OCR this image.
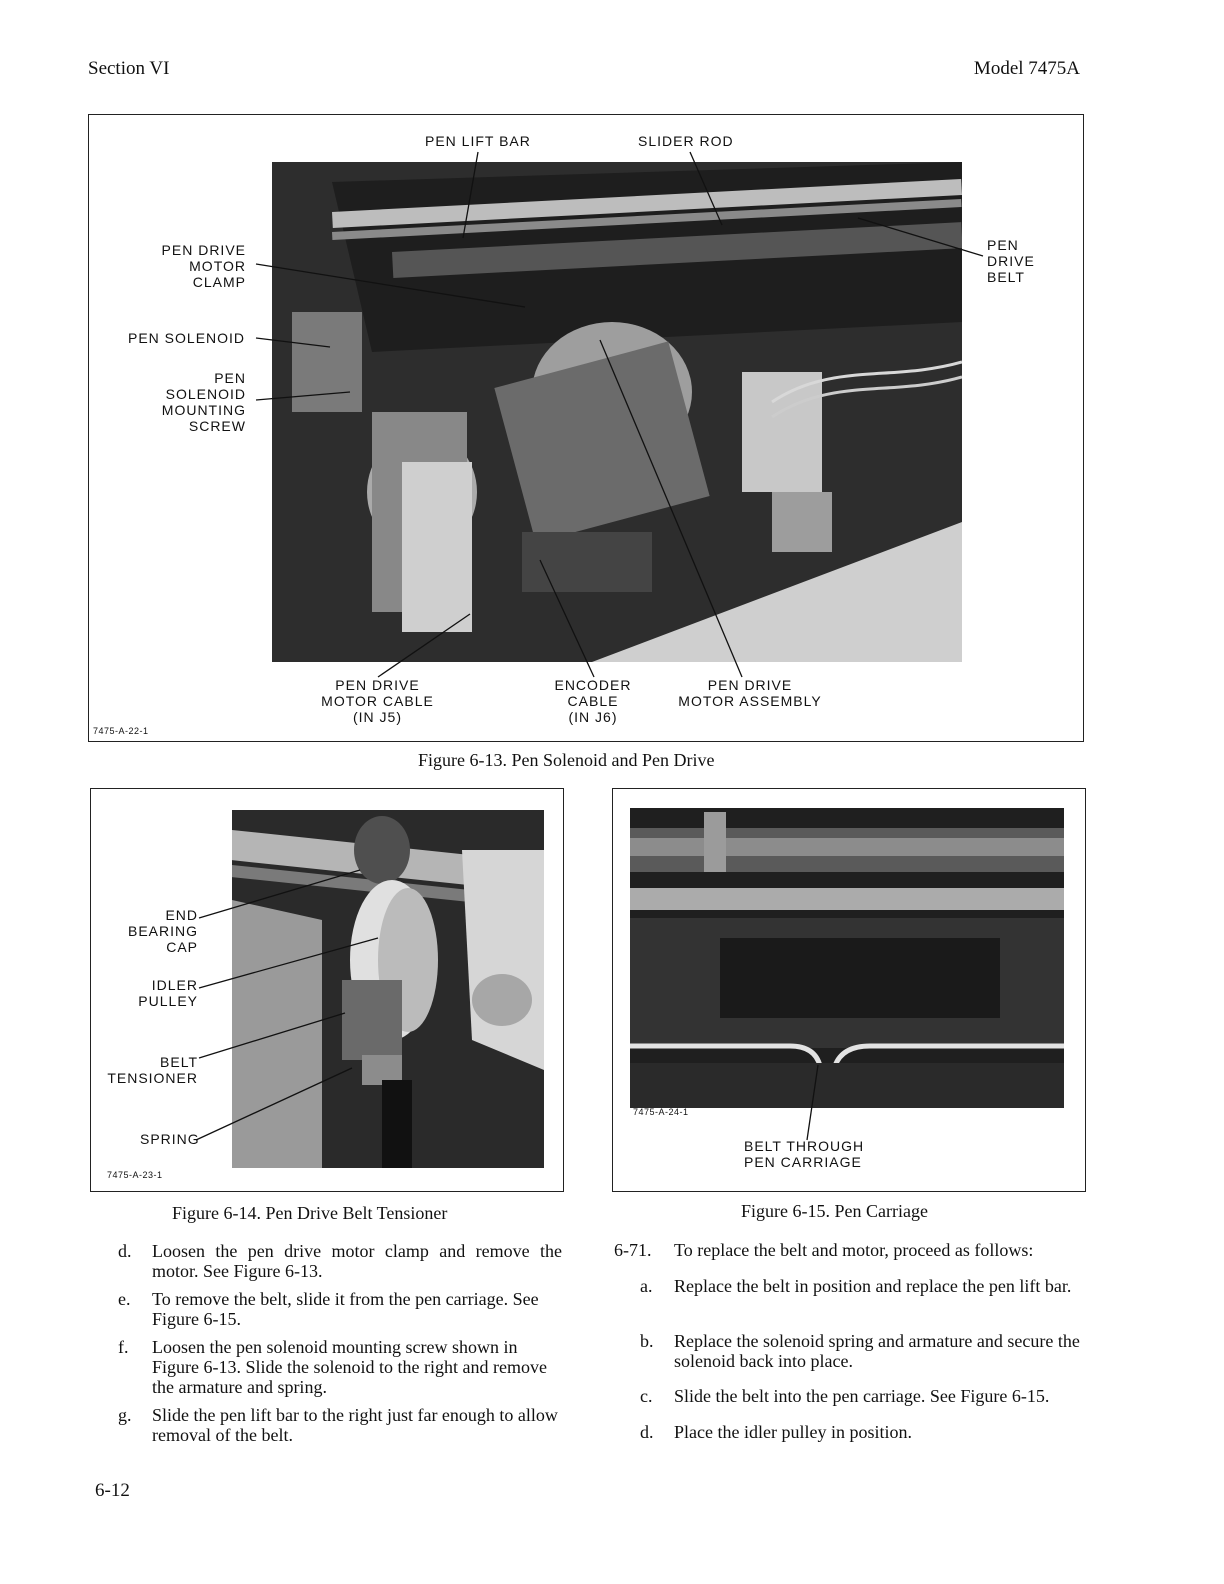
Section VI	Model 7475A
PEN LIFT BAR	SLIDER ROD
PEN DRIVE
MOTOR
CLAMP
PEN SOLENOID
PEN
SOLENOID
MOUNTING
SCREW
PEN
DRIVE
BELT
PEN DRIVE
MOTOR CABLE
(IN J5)
ENCODER
CABLE
(IN J6)
PEN DRIVE
MOTOR ASSEMBLY
7475-A-22-1
Figure 6-13. Pen Solenoid and Pen Drive
END
BEARING
CAP
IDLER
PULLEY
BELT
TENSIONER
SPRING
7475-A-23-1
Figure 6-14. Pen Drive Belt Tensioner
7475-A-24-1
BELT THROUGH
PEN CARRIAGE
Figure 6-15. Pen Carriage
d. Loosen the pen drive motor clamp and remove the motor. See Figure 6-13.
e. To remove the belt, slide it from the pen carriage. See Figure 6-15.
f. Loosen the pen solenoid mounting screw shown in Figure 6-13. Slide the solenoid to the right and remove the armature and spring.
g. Slide the pen lift bar to the right just far enough to allow removal of the belt.
6-71. To replace the belt and motor, proceed as follows:
a. Replace the belt in position and replace the pen lift bar.
b. Replace the solenoid spring and armature and secure the solenoid back into place.
c. Slide the belt into the pen carriage. See Figure 6-15.
d. Place the idler pulley in position.
6-12
